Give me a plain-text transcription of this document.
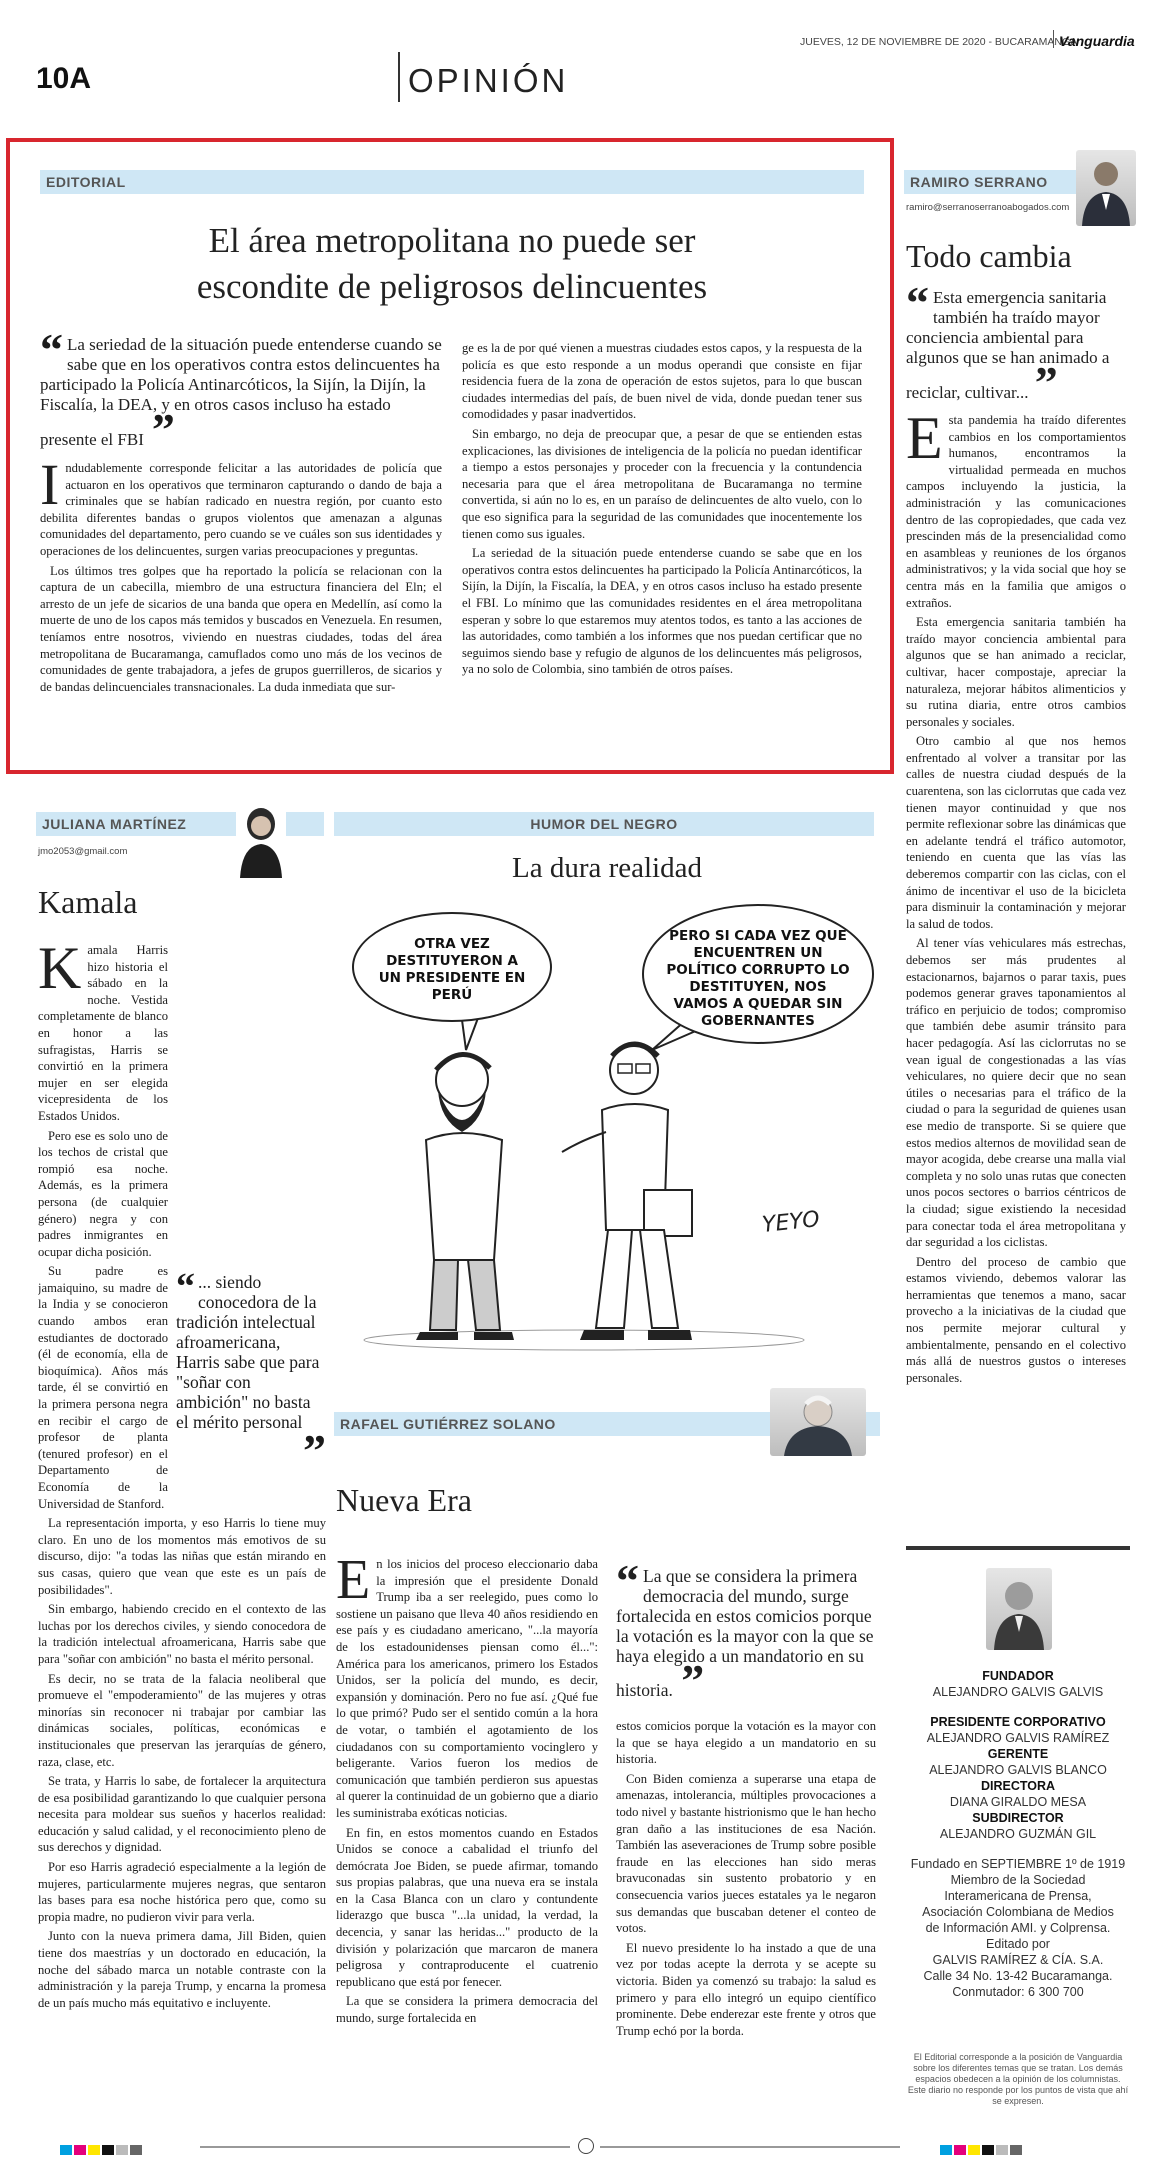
JUEVES, 12 DE NOVIEMBRE DE 2020 - BUCARAMANGA
Vanguardia
10A	OPINIÓN
EDITORIAL
El área metropolitana no puede ser
escondite de peligrosos delincuentes
“ La seriedad de la situación puede entenderse cuando se sabe que en los operativos contra estos delincuentes ha participado la Policía Antinarcóticos, la Sijín, la Dijín, la Fiscalía, la DEA, y en otros casos incluso ha estado presente el FBI ”
I ndudablemente corresponde felicitar a las autoridades de policía que actuaron en los operativos que terminaron capturando o dando de baja a criminales que se habían radicado en nuestra región, por cuanto esto debilita diferentes bandas o grupos violentos que amenazan a algunas comunidades del departamento, pero cuando se ve cuáles son sus identidades y operaciones de los delincuentes, surgen varias preocupaciones y preguntas.

Los últimos tres golpes que ha reportado la policía se relacionan con la captura de un cabecilla, miembro de una estructura financiera del Eln; el arresto de un jefe de sicarios de una banda que opera en Medellín, así como la muerte de uno de los capos más temidos y buscados en Venezuela. En resumen, teníamos entre nosotros, viviendo en nuestras ciudades, todas del área metropolitana de Bucaramanga, camuflados como uno más de los vecinos de comunidades de gente trabajadora, a jefes de grupos guerrilleros, de sicarios y de bandas delincuenciales transnacionales. La duda inmediata que sur-

ge es la de por qué vienen a muestras ciudades estos capos, y la respuesta de la policía es que esto responde a un modus operandi que consiste en fijar residencia fuera de la zona de operación de estos sujetos, para lo que buscan ciudades intermedias del país, de buen nivel de vida, donde puedan tener sus comodidades y pasar inadvertidos.

Sin embargo, no deja de preocupar que, a pesar de que se entienden estas explicaciones, las divisiones de inteligencia de la policía no puedan identificar a tiempo a estos personajes y proceder con la frecuencia y la contundencia necesaria para que el área metropolitana de Bucaramanga no termine convertida, si aún no lo es, en un paraíso de delincuentes de alto vuelo, con lo que eso significa para la seguridad de las comunidades que inocentemente los tienen como sus iguales.

La seriedad de la situación puede entenderse cuando se sabe que en los operativos contra estos delincuentes ha participado la Policía Antinarcóticos, la Sijín, la Dijín, la Fiscalía, la DEA, y en otros casos incluso ha estado presente el FBI. Lo mínimo que las comunidades residentes en el área metropolitana esperan y sobre lo que estaremos muy atentos todos, es tanto a las acciones de las autoridades, como también a los informes que nos puedan certificar que no seguimos siendo base y refugio de algunos de los delincuentes más peligrosos, ya no solo de Colombia, sino también de otros países.

RAMIRO SERRANO
ramiro@serranoserranoabogados.com
Todo cambia
“ Esta emergencia sanitaria también ha traído mayor conciencia ambiental para algunos que se han animado a reciclar, cultivar... ”
E sta pandemia ha traído diferentes cambios en los comportamientos humanos, encontramos la virtualidad permeada en muchos campos incluyendo la justicia, la administración y las comunicaciones dentro de las copropiedades, que cada vez prescinden más de la presencialidad como en asambleas y reuniones de los órganos administrativos; y la vida social que hoy se centra más en la familia que amigos o extraños.

Esta emergencia sanitaria también ha traído mayor conciencia ambiental para algunos que se han animado a reciclar, cultivar, hacer compostaje, apreciar la naturaleza, mejorar hábitos alimenticios y su rutina diaria, entre otros cambios personales y sociales.

Otro cambio al que nos hemos enfrentado al volver a transitar por las calles de nuestra ciudad después de la cuarentena, son las ciclorrutas que cada vez tienen mayor continuidad y que nos permite reflexionar sobre las dinámicas que en adelante tendrá el tráfico automotor, teniendo en cuenta que las vías las deberemos compartir con las ciclas, con el ánimo de incentivar el uso de la bicicleta para disminuir la contaminación y mejorar la salud de todos.

Al tener vías vehiculares más estrechas, debemos ser más prudentes al estacionarnos, bajarnos o parar taxis, pues podemos generar graves taponamientos al tráfico en perjuicio de todos; compromiso que también debe asumir tránsito para hacer pedagogía. Así las ciclorrutas no se vean igual de congestionadas a las vías vehiculares, no quiere decir que no sean útiles o necesarias para el tráfico de la ciudad o para la seguridad de quienes usan ese medio de transporte. Si se quiere que estos medios alternos de movilidad sean de mayor acogida, debe crearse una malla vial completa y no solo unas rutas que conecten unos pocos sectores o barrios céntricos de la ciudad; sigue existiendo la necesidad para conectar toda el área metropolitana y dar seguridad a los ciclistas.

Dentro del proceso de cambio que estamos viviendo, debemos valorar las herramientas que tenemos a mano, sacar provecho a la iniciativas de la ciudad que nos permite mejorar cultural y ambientalmente, pensando en el colectivo más allá de nuestros gustos o intereses personales.

JULIANA MARTÍNEZ
jmo2053@gmail.com
Kamala
K
“ ... siendo conocedora de la tradición intelectual afroamericana, Harris sabe que para "soñar con ambición" no basta el mérito personal
”

amala Harris hizo historia el sábado en la noche. Vestida completamente de blanco en honor a las sufragistas, Harris se convirtió en la primera mujer en ser elegida vicepresidenta de los Estados Unidos.

Pero ese es solo uno de los techos de cristal que rompió esa noche. Además, es la primera persona (de cualquier género) negra y con padres inmigrantes en ocupar dicha posición.

Su padre es jamaiquino, su madre de la India y se conocieron cuando ambos eran estudiantes de doctorado (él de economía, ella de bioquímica). Años más tarde, él se convirtió en la primera persona negra en recibir el cargo de profesor de planta (tenured profesor) en el Departamento de Economía de la Universidad de Stanford.

La representación importa, y eso Harris lo tiene muy claro. En uno de los momentos más emotivos de su discurso, dijo: "a todas las niñas que están mirando en sus casas, quiero que vean que este es un país de posibilidades".

Sin embargo, habiendo crecido en el contexto de las luchas por los derechos civiles, y siendo conocedora de la tradición intelectual afroamericana, Harris sabe que para "soñar con ambición" no basta el mérito personal.

Es decir, no se trata de la falacia neoliberal que promueve el "empoderamiento" de las mujeres y otras minorías sin reconocer ni trabajar por cambiar las dinámicas sociales, políticas, económicas e institucionales que preservan las jerarquías de género, raza, clase, etc.

Se trata, y Harris lo sabe, de fortalecer la arquitectura de esa posibilidad garantizando lo que cualquier persona necesita para moldear sus sueños y hacerlos realidad: educación y salud calidad, y el reconocimiento pleno de sus derechos y dignidad.

Por eso Harris agradeció especialmente a la legión de mujeres, particularmente mujeres negras, que sentaron las bases para esa noche histórica pero que, como su propia madre, no pudieron vivir para verla.

Junto con la nueva primera dama, Jill Biden, quien tiene dos maestrías y un doctorado en educación, la noche del sábado marca un notable contraste con la administración y la pareja Trump, y encarna la promesa de un país mucho más equitativo e incluyente.

HUMOR DEL NEGRO
La dura realidad
OTRA VEZ DESTITUYERON A UN PRESIDENTE EN PERÚ
PERO SI CADA VEZ QUE ENCUENTREN UN POLÍTICO CORRUPTO LO DESTITUYEN, NOS VAMOS A QUEDAR SIN GOBERNANTES
YEYO
RAFAEL GUTIÉRREZ SOLANO
Nueva Era
E n los inicios del proceso eleccionario daba la impresión que el presidente Donald Trump iba a ser reelegido, pues como lo sostiene un paisano que lleva 40 años residiendo en ese país y es ciudadano americano, "...la mayoría de los estadounidenses piensan como él...": América para los americanos, primero los Estados Unidos, ser la policía del mundo, es decir, expansión y dominación. Pero no fue así. ¿Qué fue lo que primó? Pudo ser el sentido común a la hora de votar, o también el agotamiento de los ciudadanos con su comportamiento vocinglero y beligerante. Varios fueron los medios de comunicación que también perdieron sus apuestas al querer la continuidad de un gobierno que a diario les suministraba exóticas noticias.

En fin, en estos momentos cuando en Estados Unidos se conoce a cabalidad el triunfo del demócrata Joe Biden, se puede afirmar, tomando sus propias palabras, que una nueva era se instala en la Casa Blanca con un claro y contundente liderazgo que busca "...la unidad, la verdad, la decencia, y sanar las heridas..." producto de la división y polarización que marcaron de manera peligrosa y contraproducente el cuatrenio republicano que está por fenecer.

La que se considera la primera democracia del mundo, surge fortalecida en

“ La que se considera la primera democracia del mundo, surge fortalecida en estos comicios porque la votación es la mayor con la que se haya elegido a un mandatorio en su historia. ”

estos comicios porque la votación es la mayor con la que se haya elegido a un mandatorio en su historia.

Con Biden comienza a superarse una etapa de amenazas, intolerancia, múltiples provocaciones a todo nivel y bastante histrionismo que le han hecho gran daño a las instituciones de esa Nación. También las aseveraciones de Trump sobre posible fraude en las elecciones han sido meras bravuconadas sin sustento probatorio y en consecuencia varios jueces estatales ya le negaron sus demandas que buscaban detener el conteo de votos.

El nuevo presidente lo ha instado a que de una vez por todas acepte la derrota y se acepte su victoria. Biden ya comenzó su trabajo: la salud es primero y para ello integró un equipo científico prominente. Debe enderezar este frente y otros que Trump echó por la borda.

FUNDADOR
ALEJANDRO GALVIS GALVIS
PRESIDENTE CORPORATIVO
ALEJANDRO GALVIS RAMÍREZ
GERENTE
ALEJANDRO GALVIS BLANCO
DIRECTORA
DIANA GIRALDO MESA
SUBDIRECTOR
ALEJANDRO GUZMÁN GIL
Fundado en SEPTIEMBRE 1º de 1919
Miembro de la Sociedad
Interamericana de Prensa,
Asociación Colombiana de Medios
de Información AMI. y Colprensa.
Editado por
GALVIS RAMÍREZ & CÍA. S.A.
Calle 34 No. 13-42 Bucaramanga.
Conmutador: 6 300 700
El Editorial corresponde a la posición de Vanguardia sobre los diferentes temas que se tratan. Los demás espacios obedecen a la opinión de los columnistas. Este diario no responde por los puntos de vista que ahí se expresen.
